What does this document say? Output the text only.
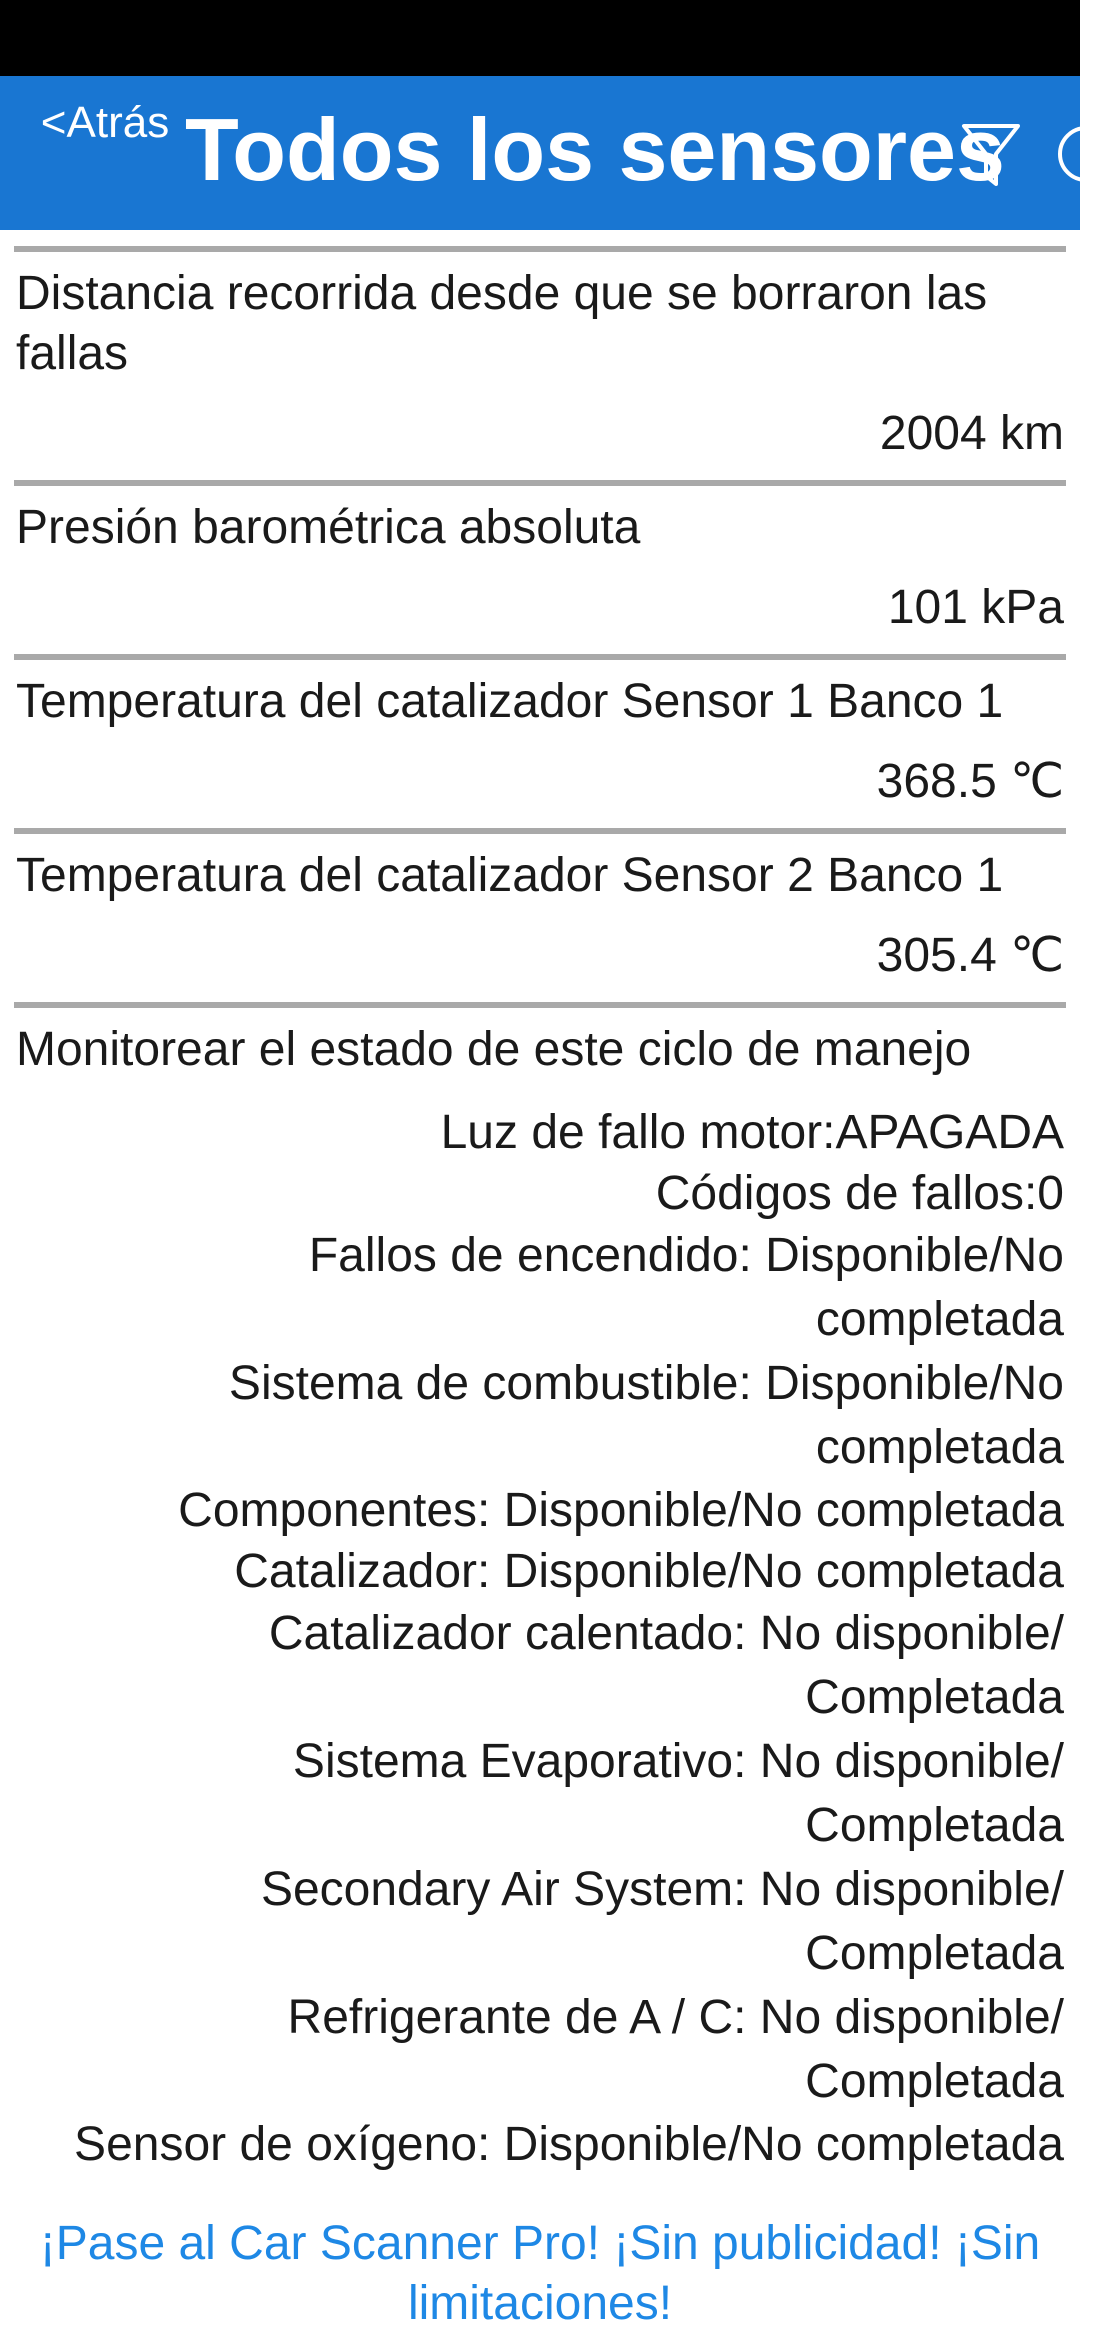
<Atrás Todos los sensores
Distancia recorrida desde que se borraron las fallas
2004 km
Presión barométrica absoluta
101 kPa
Temperatura del catalizador Sensor 1 Banco 1
368.5 ℃
Temperatura del catalizador Sensor 2 Banco 1
305.4 ℃
Monitorear el estado de este ciclo de manejo
Luz de fallo motor:APAGADA
Códigos de fallos:0
Fallos de encendido: Disponible/No completada
Sistema de combustible: Disponible/No completada
Componentes: Disponible/No completada
Catalizador: Disponible/No completada
Catalizador calentado: No disponible/ Completada
Sistema Evaporativo: No disponible/ Completada
Secondary Air System: No disponible/ Completada
Refrigerante de A / C: No disponible/ Completada
Sensor de oxígeno: Disponible/No completada
¡Pase al Car Scanner Pro! ¡Sin publicidad! ¡Sin limitaciones!
